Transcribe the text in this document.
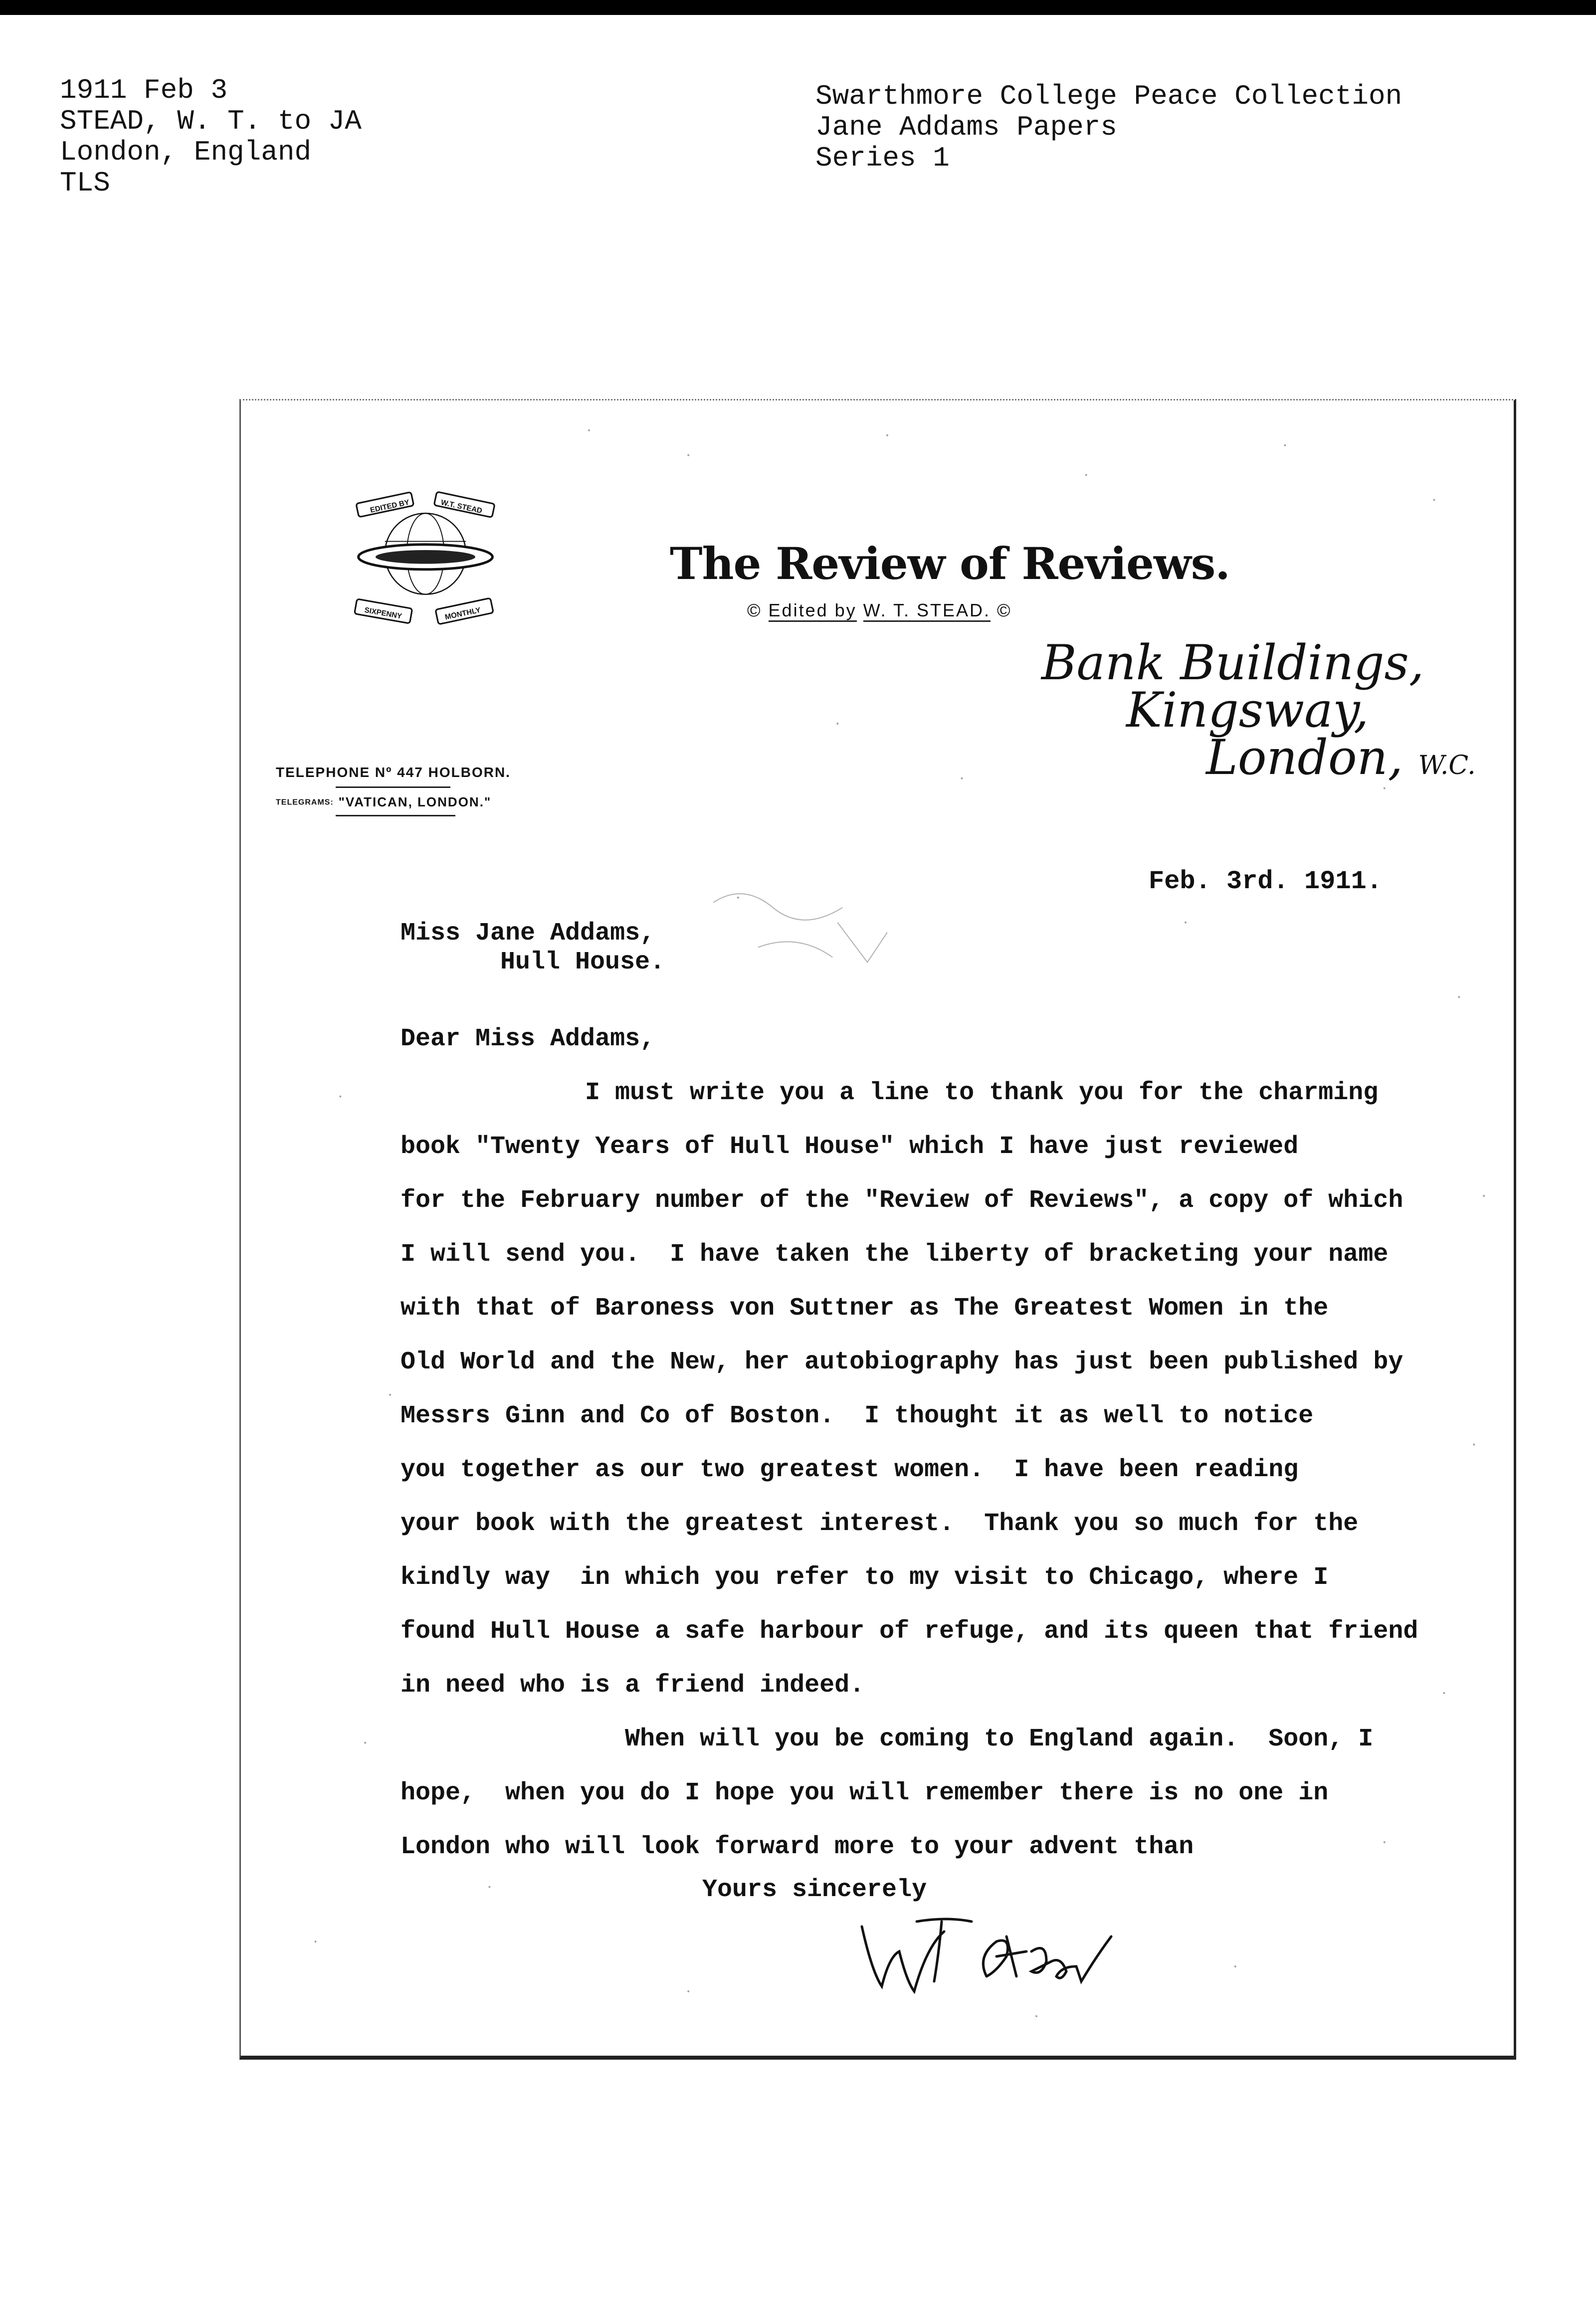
1911 Feb 3
STEAD, W. T. to JA
London, England
TLS
Swarthmore College Peace Collection
Jane Addams Papers
Series 1
EDITED BY	W.T. STEAD
SIXPENNY	MONTHLY
TELEPHONE Nº 447 HOLBORN.
TELEGRAMS: "VATICAN, LONDON."
The Review of Reviews.
© Edited by W. T. STEAD. ©
Bank Buildings,
Kingsway,
London, W.C.
Feb. 3rd. 1911.
Miss Jane Addams,
Hull House.
Dear Miss Addams,
I must write you a line to thank you for the charming
book "Twenty Years of Hull House" which I have just reviewed
for the February number of the "Review of Reviews", a copy of which
I will send you.  I have taken the liberty of bracketing your name
with that of Baroness von Suttner as The Greatest Women in the
Old World and the New, her autobiography has just been published by
Messrs Ginn and Co of Boston.  I thought it as well to notice
you together as our two greatest women.  I have been reading
your book with the greatest interest.  Thank you so much for the
kindly way  in which you refer to my visit to Chicago, where I
found Hull House a safe harbour of refuge, and its queen that friend
in need who is a friend indeed.
When will you be coming to England again.  Soon, I
hope,  when you do I hope you will remember there is no one in
London who will look forward more to your advent than
Yours sincerely
